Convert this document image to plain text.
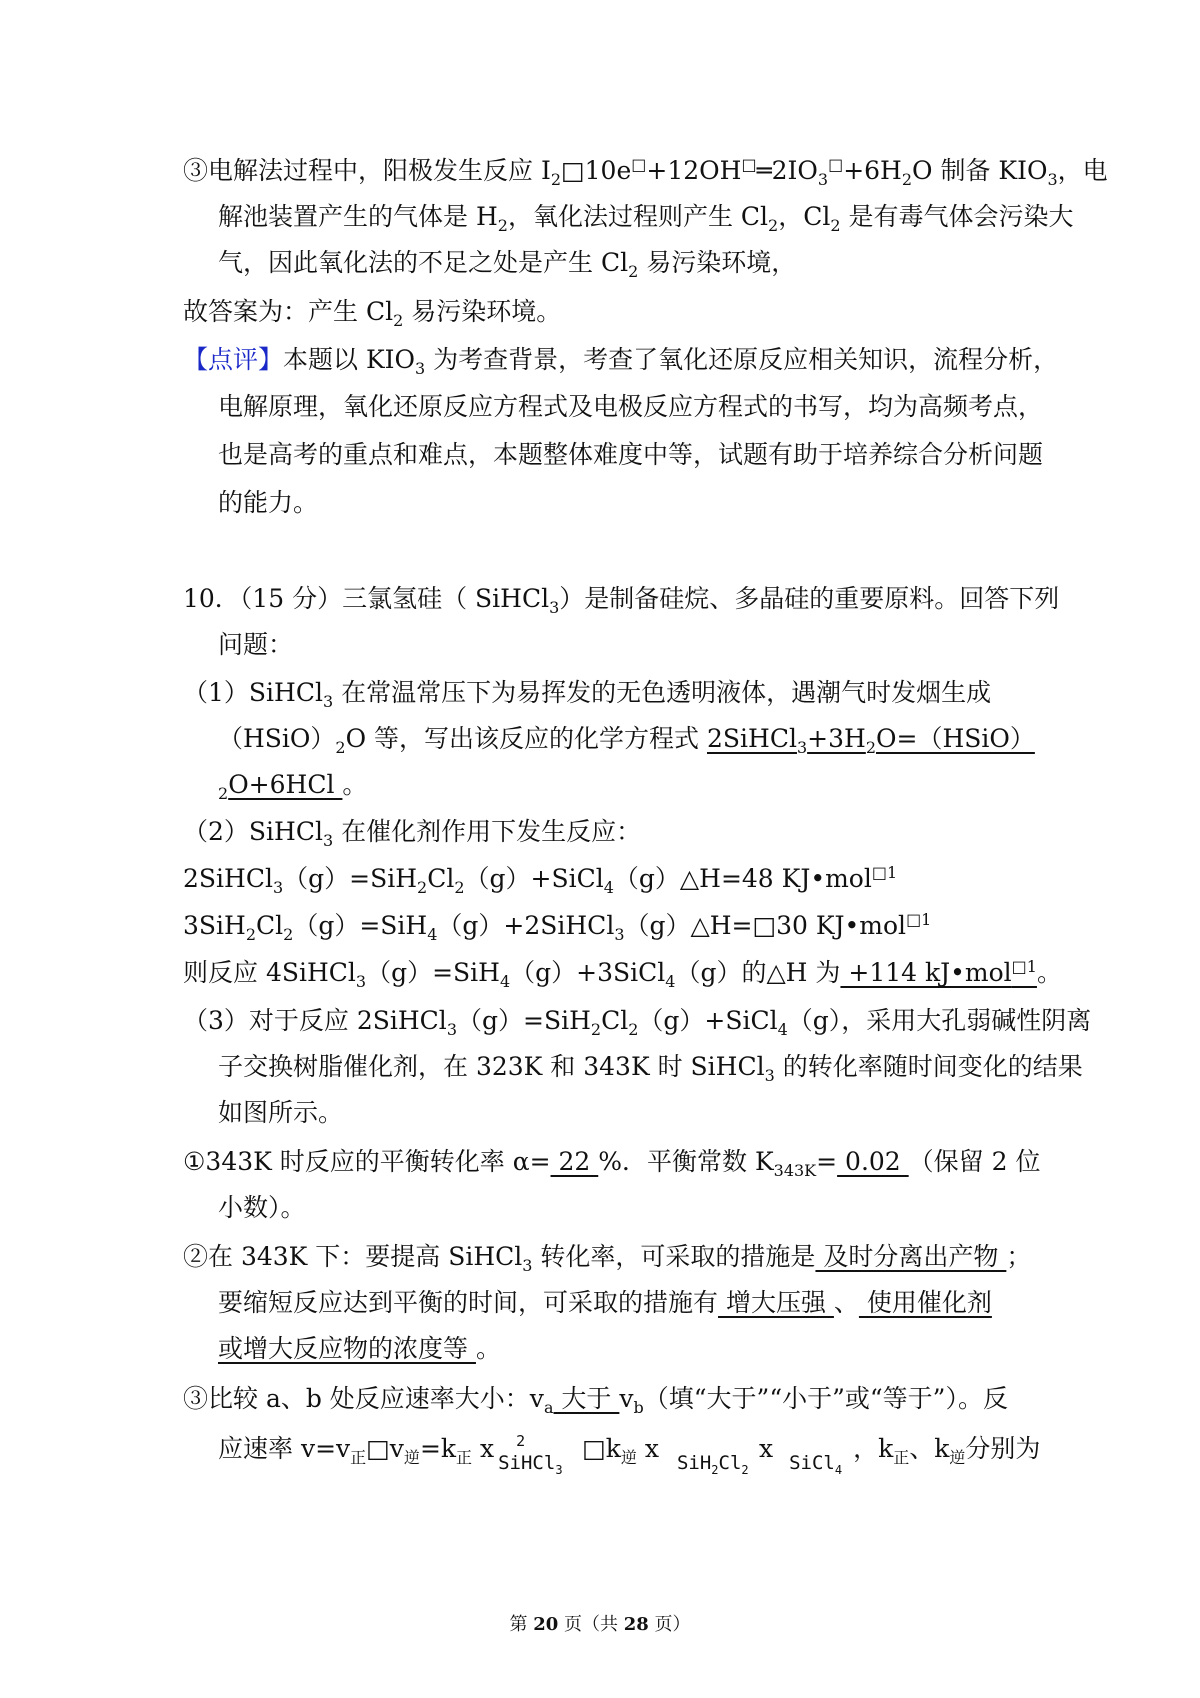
③电解法过程中，阳极发生反应 $I_2□10e^□+12OH^□═2IO_3^□+6H_2O$ 制备 $KIO_3$，电
解池装置产生的气体是 $H_2$，氧化法过程则产生 $Cl_2$，$Cl_2$ 是有毒气体会污染大
气，因此氧化法的不足之处是产生 $Cl_2$ 易污染环境，
故答案为：产生 $Cl_2$ 易污染环境。
【点评】本题以 $KIO_3$ 为考查背景，考查了氧化还原反应相关知识，流程分析，
电解原理，氧化还原反应方程式及电极反应方程式的书写，均为高频考点，
也是高考的重点和难点，本题整体难度中等，试题有助于培养综合分析问题
的能力。
10．（15 分）三氯氢硅（ SiHCl$_3$）是制备硅烷、多晶硅的重要原料。回答下列
问题：
（1）SiHCl$_3$ 在常温常压下为易挥发的无色透明液体，遇潮气时发烟生成
$(HSiO)_2O$ 等，写出该反应的化学方程式 $2SiHCl_3+3H_2O=(HSiO)$
$_2$O+6HCl 。
（2）SiHCl$_3$ 在催化剂作用下发生反应：
$2SiHCl_3(g)=SiH_2Cl_2(g)+SiCl_4(g)\triangle H=48$ KJ•mol$^{□1}$
$3SiH_2Cl_2(g)=SiH_4(g)+2SiHCl_3(g)\triangle H=□30$ KJ•mol$^{□1}$
则反应 4SiHCl$_3$（g）=SiH$_4$（g）+3SiCl$_4$（g）的△H 为 +114 kJ•mol$^{□1}$。
（3）对于反应 $2SiHCl_3(g)=SiH_2Cl_2(g)+SiCl_4(g)$，采用大孔弱碱性阴离
子交换树脂催化剂，在 323K 和 343K 时 SiHCl$_3$ 的转化率随时间变化的结果
如图所示。
①343K 时反应的平衡转化率 α= 22 %．平衡常数 $K_{343K}= 0.02$ （保留 2 位
小数）。
②在 343K 下：要提高 SiHCl$_3$ 转化率，可采取的措施是 及时分离出产物 ；
要缩短反应达到平衡的时间，可采取的措施有 增大压强 、 使用催化剂
或增大反应物的浓度等 。
③比较 a、b 处反应速率大小：$v_a$ 大于 $v_b$（填“大于”“小于”或“等于”）。反
应速率 $v=v_正□v_逆=k_正$ x 2
SiHCl$_3$
$□k_逆$ x $SiH_2Cl_2$
x SiCl$_4$
，$k_正$、$k_逆$分别为
第 20 页（共 28 页）
